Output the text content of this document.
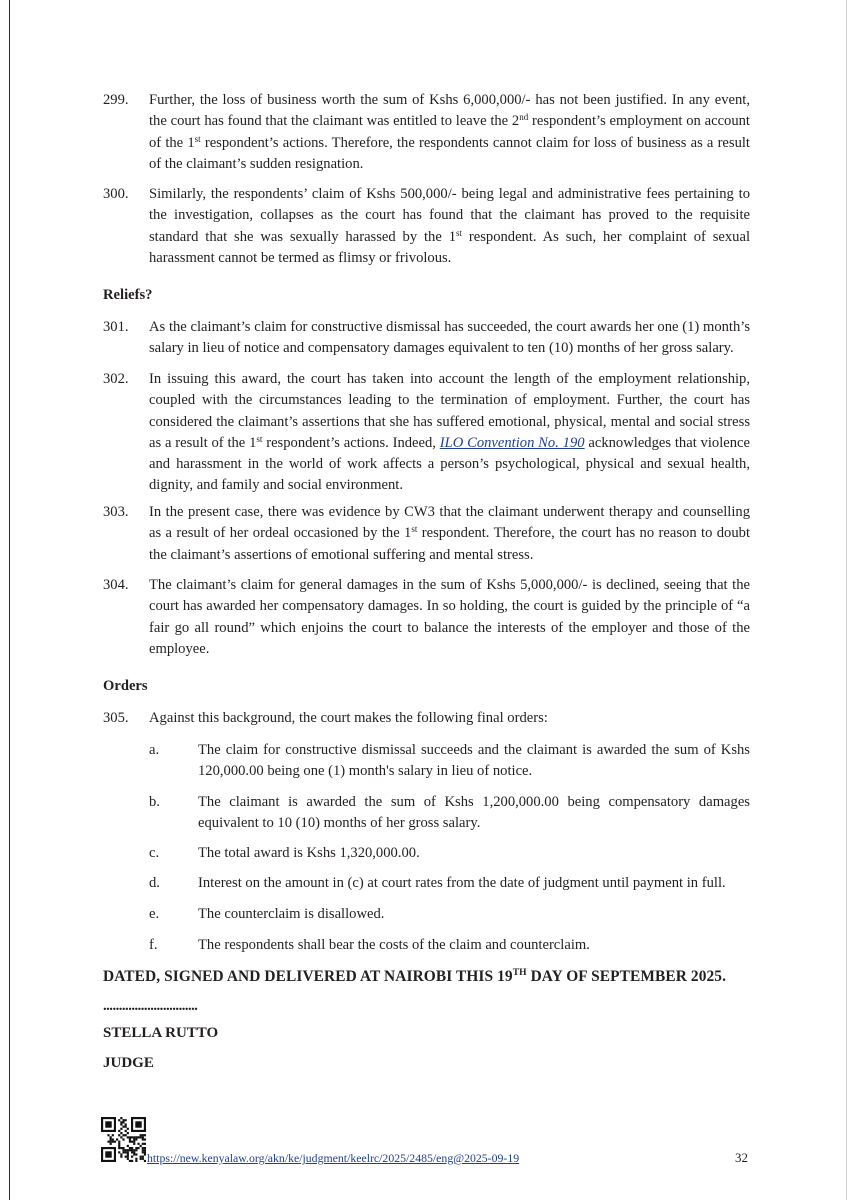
299. Further, the loss of business worth the sum of Kshs 6,000,000/- has not been justified. In any event, the court has found that the claimant was entitled to leave the 2nd respondent’s employment on account of the 1st respondent’s actions. Therefore, the respondents cannot claim for loss of business as a result of the claimant’s sudden resignation.
300. Similarly, the respondents’ claim of Kshs 500,000/- being legal and administrative fees pertaining to the investigation, collapses as the court has found that the claimant has proved to the requisite standard that she was sexually harassed by the 1st respondent. As such, her complaint of sexual harassment cannot be termed as flimsy or frivolous.
Reliefs?
301. As the claimant’s claim for constructive dismissal has succeeded, the court awards her one (1) month’s salary in lieu of notice and compensatory damages equivalent to ten (10) months of her gross salary.
302. In issuing this award, the court has taken into account the length of the employment relationship, coupled with the circumstances leading to the termination of employment. Further, the court has considered the claimant’s assertions that she has suffered emotional, physical, mental and social stress as a result of the 1st respondent’s actions. Indeed, ILO Convention No. 190 acknowledges that violence and harassment in the world of work affects a person’s psychological, physical and sexual health, dignity, and family and social environment.
303. In the present case, there was evidence by CW3 that the claimant underwent therapy and counselling as a result of her ordeal occasioned by the 1st respondent. Therefore, the court has no reason to doubt the claimant’s assertions of emotional suffering and mental stress.
304. The claimant’s claim for general damages in the sum of Kshs 5,000,000/- is declined, seeing that the court has awarded her compensatory damages. In so holding, the court is guided by the principle of “a fair go all round” which enjoins the court to balance the interests of the employer and those of the employee.
Orders
305. Against this background, the court makes the following final orders:
a.	The claim for constructive dismissal succeeds and the claimant is awarded the sum of Kshs 120,000.00 being one (1) month's salary in lieu of notice.
b.	The claimant is awarded the sum of Kshs 1,200,000.00 being compensatory damages equivalent to 10 (10) months of her gross salary.
c.	The total award is Kshs 1,320,000.00.
d.	Interest on the amount in (c) at court rates from the date of judgment until payment in full.
e.	The counterclaim is disallowed.
f.	The respondents shall bear the costs of the claim and counterclaim.
DATED, SIGNED AND DELIVERED AT NAIROBI THIS 19TH DAY OF SEPTEMBER 2025.
..............................
STELLA RUTTO
JUDGE
https://new.kenyalaw.org/akn/ke/judgment/keelrc/2025/2485/eng@2025-09-19	32
